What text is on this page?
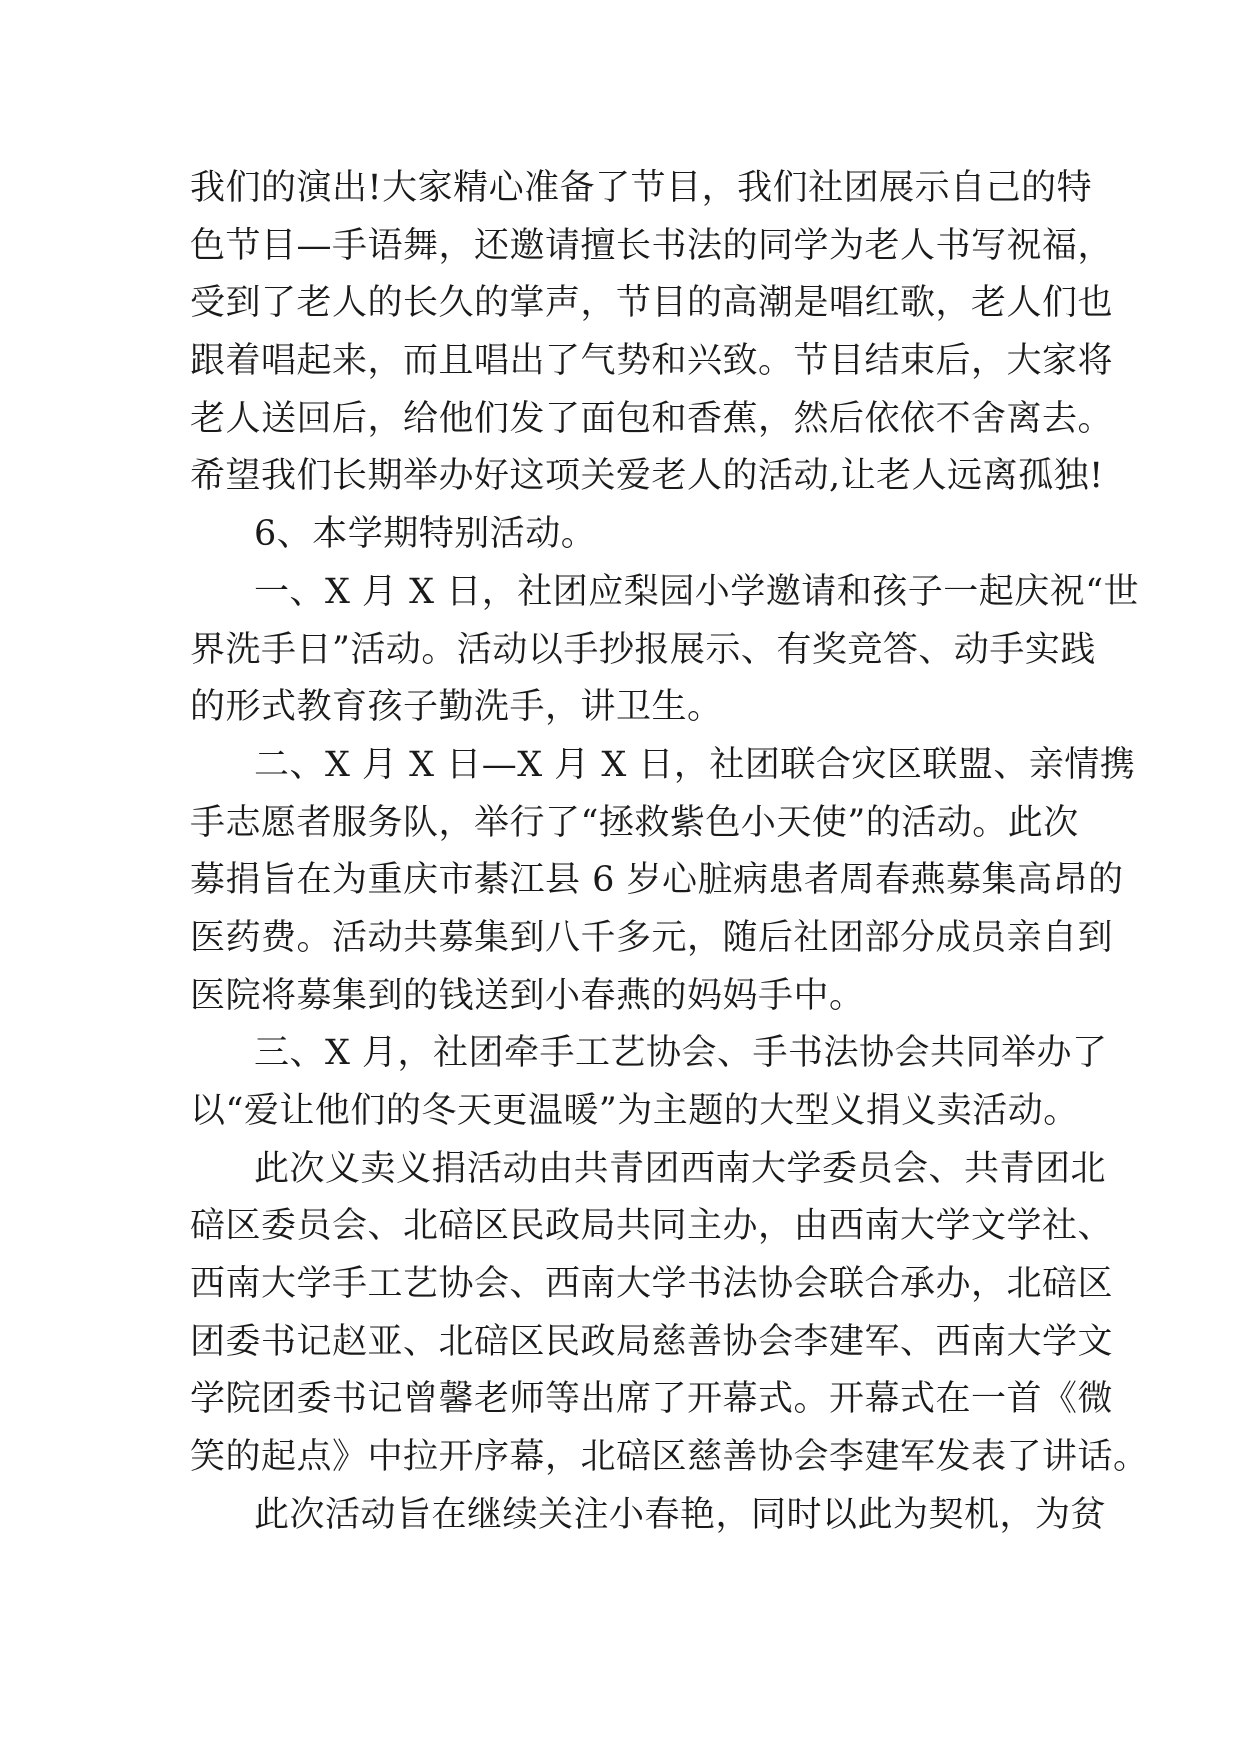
我们的演出!大家精心准备了节目，我们社团展示自己的特
色节目—手语舞，还邀请擅长书法的同学为老人书写祝福，
受到了老人的长久的掌声，节目的高潮是唱红歌，老人们也
跟着唱起来，而且唱出了气势和兴致。节目结束后，大家将
老人送回后，给他们发了面包和香蕉，然后依依不舍离去。
希望我们长期举办好这项关爱老人的活动,让老人远离孤独!
6、本学期特别活动。
一、X 月 X 日，社团应梨园小学邀请和孩子一起庆祝“世
界洗手日”活动。活动以手抄报展示、有奖竞答、动手实践
的形式教育孩子勤洗手，讲卫生。
二、X 月 X 日—X 月 X 日，社团联合灾区联盟、亲情携
手志愿者服务队，举行了“拯救紫色小天使”的活动。此次
募捐旨在为重庆市綦江县 6 岁心脏病患者周春燕募集高昂的
医药费。活动共募集到八千多元，随后社团部分成员亲自到
医院将募集到的钱送到小春燕的妈妈手中。
三、X 月，社团牵手工艺协会、手书法协会共同举办了
以“爱让他们的冬天更温暖”为主题的大型义捐义卖活动。
此次义卖义捐活动由共青团西南大学委员会、共青团北
碚区委员会、北碚区民政局共同主办，由西南大学文学社、
西南大学手工艺协会、西南大学书法协会联合承办，北碚区
团委书记赵亚、北碚区民政局慈善协会李建军、西南大学文
学院团委书记曾馨老师等出席了开幕式。开幕式在一首《微
笑的起点》中拉开序幕，北碚区慈善协会李建军发表了讲话。
此次活动旨在继续关注小春艳，同时以此为契机，为贫
